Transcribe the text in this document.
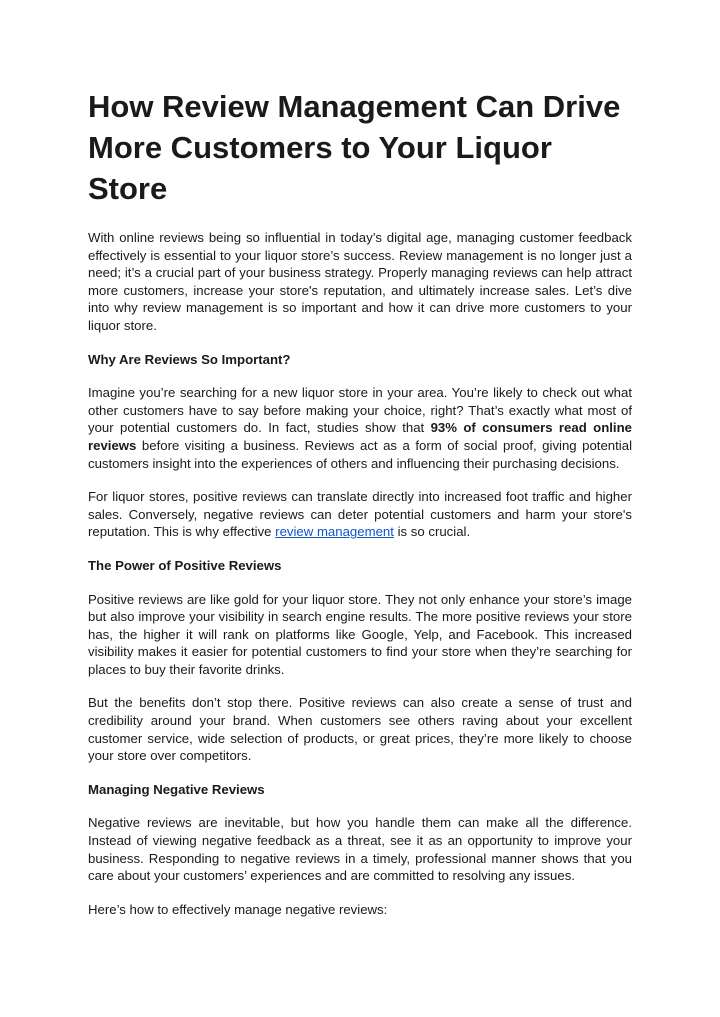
How Review Management Can Drive More Customers to Your Liquor Store

With online reviews being so influential in today’s digital age, managing customer feedback effectively is essential to your liquor store’s success. Review management is no longer just a need; it’s a crucial part of your business strategy. Properly managing reviews can help attract more customers, increase your store's reputation, and ultimately increase sales. Let’s dive into why review management is so important and how it can drive more customers to your liquor store.

Why Are Reviews So Important?

Imagine you’re searching for a new liquor store in your area. You’re likely to check out what other customers have to say before making your choice, right? That’s exactly what most of your potential customers do. In fact, studies show that 93% of consumers read online reviews before visiting a business. Reviews act as a form of social proof, giving potential customers insight into the experiences of others and influencing their purchasing decisions.

For liquor stores, positive reviews can translate directly into increased foot traffic and higher sales. Conversely, negative reviews can deter potential customers and harm your store's reputation. This is why effective review management is so crucial.

The Power of Positive Reviews

Positive reviews are like gold for your liquor store. They not only enhance your store’s image but also improve your visibility in search engine results. The more positive reviews your store has, the higher it will rank on platforms like Google, Yelp, and Facebook. This increased visibility makes it easier for potential customers to find your store when they’re searching for places to buy their favorite drinks.

But the benefits don’t stop there. Positive reviews can also create a sense of trust and credibility around your brand. When customers see others raving about your excellent customer service, wide selection of products, or great prices, they’re more likely to choose your store over competitors.

Managing Negative Reviews

Negative reviews are inevitable, but how you handle them can make all the difference. Instead of viewing negative feedback as a threat, see it as an opportunity to improve your business. Responding to negative reviews in a timely, professional manner shows that you care about your customers’ experiences and are committed to resolving any issues.

Here’s how to effectively manage negative reviews:
